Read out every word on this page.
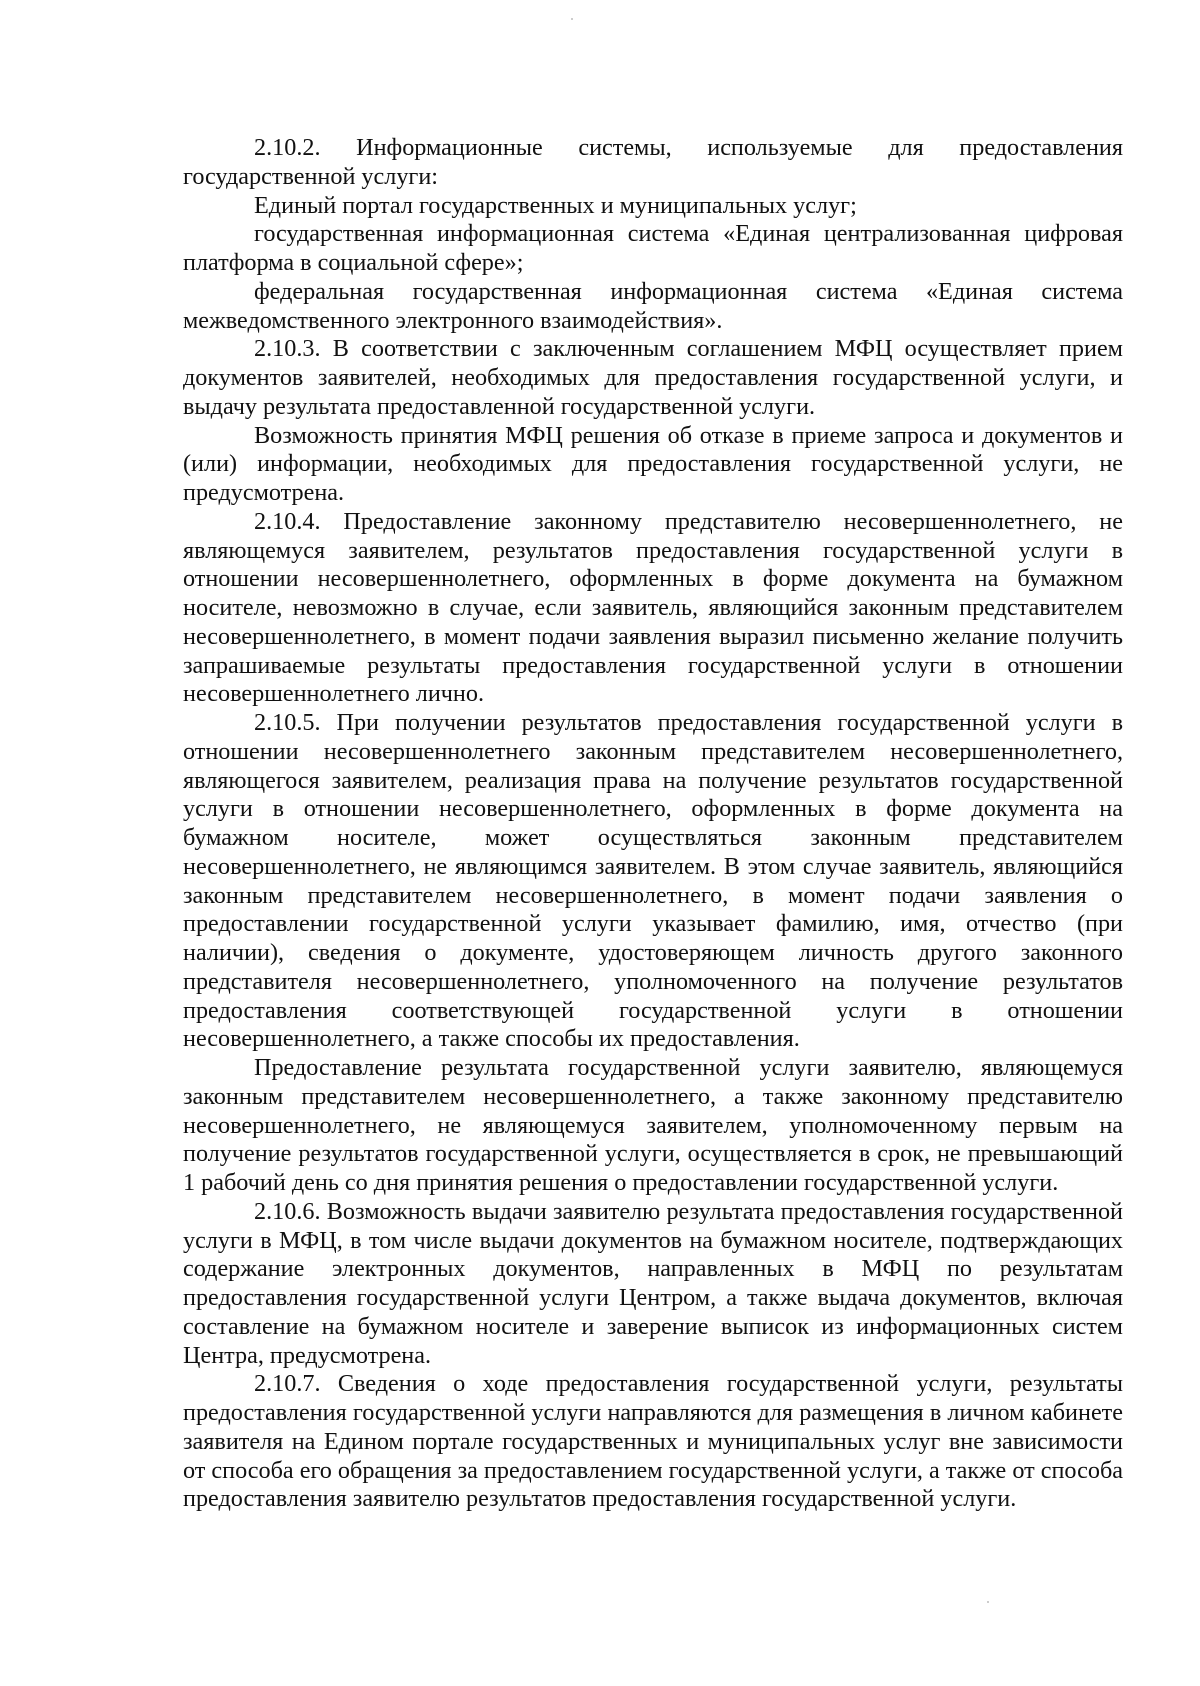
2.10.2. Информационные системы, используемые для предоставления государственной услуги:

Единый портал государственных и муниципальных услуг;

государственная информационная система «Единая централизованная цифровая платформа в социальной сфере»;

федеральная государственная информационная система «Единая система межведомственного электронного взаимодействия».

2.10.3. В соответствии с заключенным соглашением МФЦ осуществляет прием документов заявителей, необходимых для предоставления государственной услуги, и выдачу результата предоставленной государственной услуги.

Возможность принятия МФЦ решения об отказе в приеме запроса и документов и (или) информации, необходимых для предоставления государственной услуги, не предусмотрена.

2.10.4. Предоставление законному представителю несовершеннолетнего, не являющемуся заявителем, результатов предоставления государственной услуги в отношении несовершеннолетнего, оформленных в форме документа на бумажном носителе, невозможно в случае, если заявитель, являющийся законным представителем несовершеннолетнего, в момент подачи заявления выразил письменно желание получить запрашиваемые результаты предоставления государственной услуги в отношении несовершеннолетнего лично.

2.10.5. При получении результатов предоставления государственной услуги в отношении несовершеннолетнего законным представителем несовершеннолетнего, являющегося заявителем, реализация права на получение результатов государственной услуги в отношении несовершеннолетнего, оформленных в форме документа на бумажном носителе, может осуществляться законным представителем несовершеннолетнего, не являющимся заявителем. В этом случае заявитель, являющийся законным представителем несовершеннолетнего, в момент подачи заявления о предоставлении государственной услуги указывает фамилию, имя, отчество (при наличии), сведения о документе, удостоверяющем личность другого законного представителя несовершеннолетнего, уполномоченного на получение результатов предоставления соответствующей государственной услуги в отношении несовершеннолетнего, а также способы их предоставления.

Предоставление результата государственной услуги заявителю, являющемуся законным представителем несовершеннолетнего, а также законному представителю несовершеннолетнего, не являющемуся заявителем, уполномоченному первым на получение результатов государственной услуги, осуществляется в срок, не превышающий 1 рабочий день со дня принятия решения о предоставлении государственной услуги.

2.10.6. Возможность выдачи заявителю результата предоставления государственной услуги в МФЦ, в том числе выдачи документов на бумажном носителе, подтверждающих содержание электронных документов, направленных в МФЦ по результатам предоставления государственной услуги Центром, а также выдача документов, включая составление на бумажном носителе и заверение выписок из информационных систем Центра, предусмотрена.

2.10.7. Сведения о ходе предоставления государственной услуги, результаты предоставления государственной услуги направляются для размещения в личном кабинете заявителя на Едином портале государственных и муниципальных услуг вне зависимости от способа его обращения за предоставлением государственной услуги, а также от способа предоставления заявителю результатов предоставления государственной услуги.
